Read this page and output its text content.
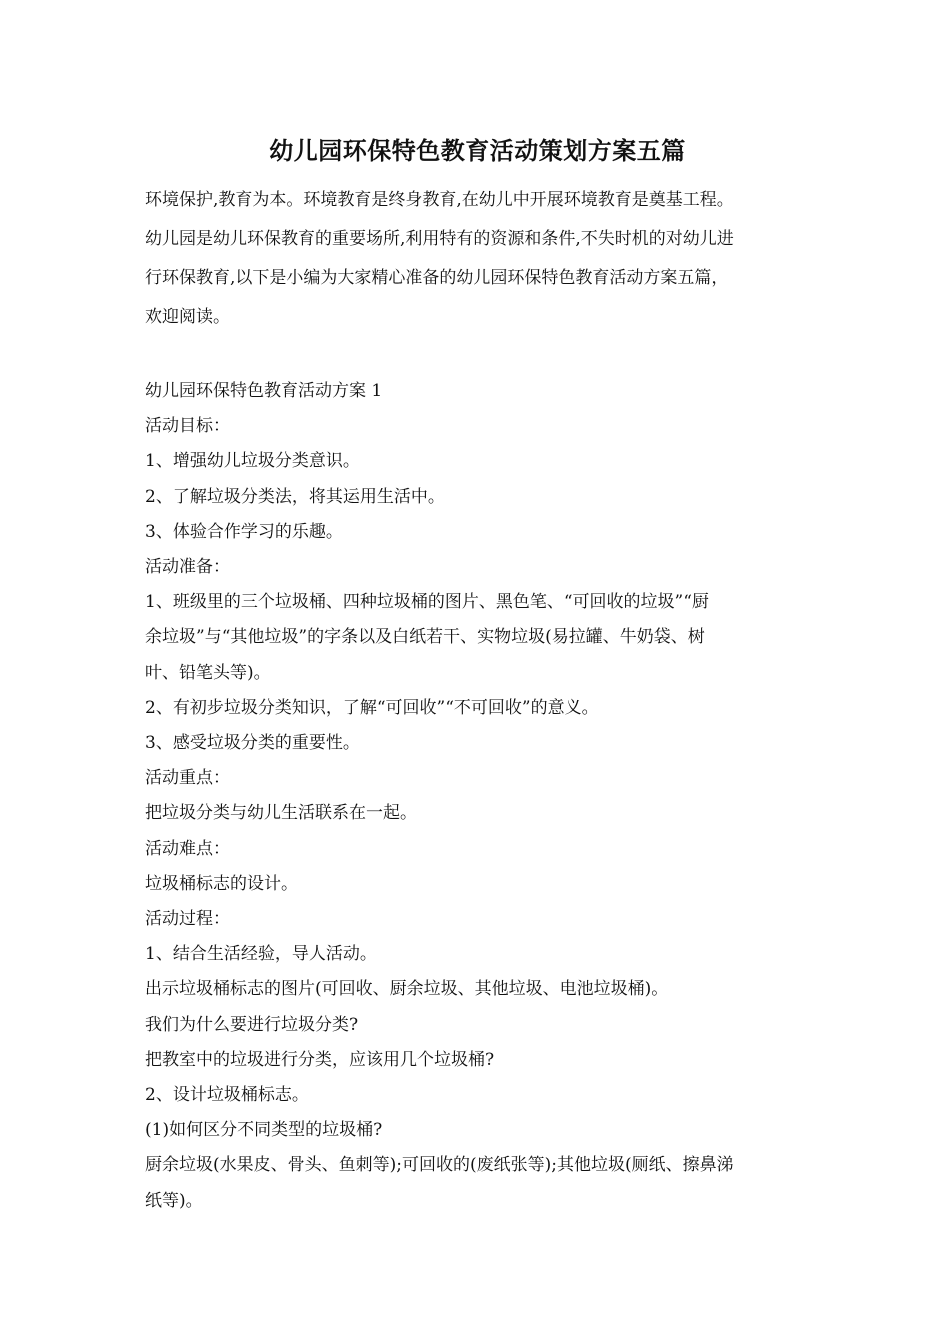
幼儿园环保特色教育活动策划方案五篇

环境保护,教育为本。环境教育是终身教育,在幼儿中开展环境教育是奠基工程。

幼儿园是幼儿环保教育的重要场所,利用特有的资源和条件,不失时机的对幼儿进

行环保教育,以下是小编为大家精心准备的幼儿园环保特色教育活动方案五篇，

欢迎阅读。

幼儿园环保特色教育活动方案 1

活动目标：

1、增强幼儿垃圾分类意识。

2、了解垃圾分类法，将其运用生活中。

3、体验合作学习的乐趣。

活动准备：

1、班级里的三个垃圾桶、四种垃圾桶的图片、黑色笔、“可回收的垃圾”“厨

余垃圾”与“其他垃圾”的字条以及白纸若干、实物垃圾(易拉罐、牛奶袋、树

叶、铅笔头等)。

2、有初步垃圾分类知识，了解“可回收”“不可回收”的意义。

3、感受垃圾分类的重要性。

活动重点：

把垃圾分类与幼儿生活联系在一起。

活动难点：

垃圾桶标志的设计。

活动过程：

1、结合生活经验，导人活动。

出示垃圾桶标志的图片(可回收、厨余垃圾、其他垃圾、电池垃圾桶)。

我们为什么要进行垃圾分类?

把教室中的垃圾进行分类，应该用几个垃圾桶?

2、设计垃圾桶标志。

(1)如何区分不同类型的垃圾桶?

厨余垃圾(水果皮、骨头、鱼刺等);可回收的(废纸张等);其他垃圾(厕纸、擦鼻涕

纸等)。
